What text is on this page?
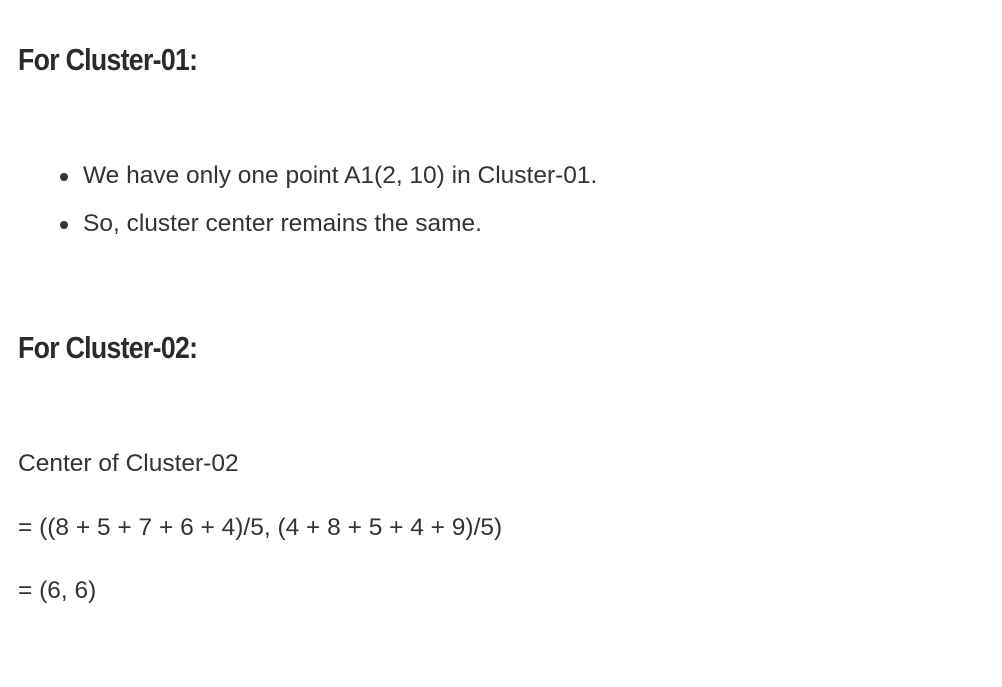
For Cluster-01:
We have only one point A1(2, 10) in Cluster-01.
So, cluster center remains the same.
For Cluster-02:

Center of Cluster-02

= ((8 + 5 + 7 + 6 + 4)/5, (4 + 8 + 5 + 4 + 9)/5)

= (6, 6)
